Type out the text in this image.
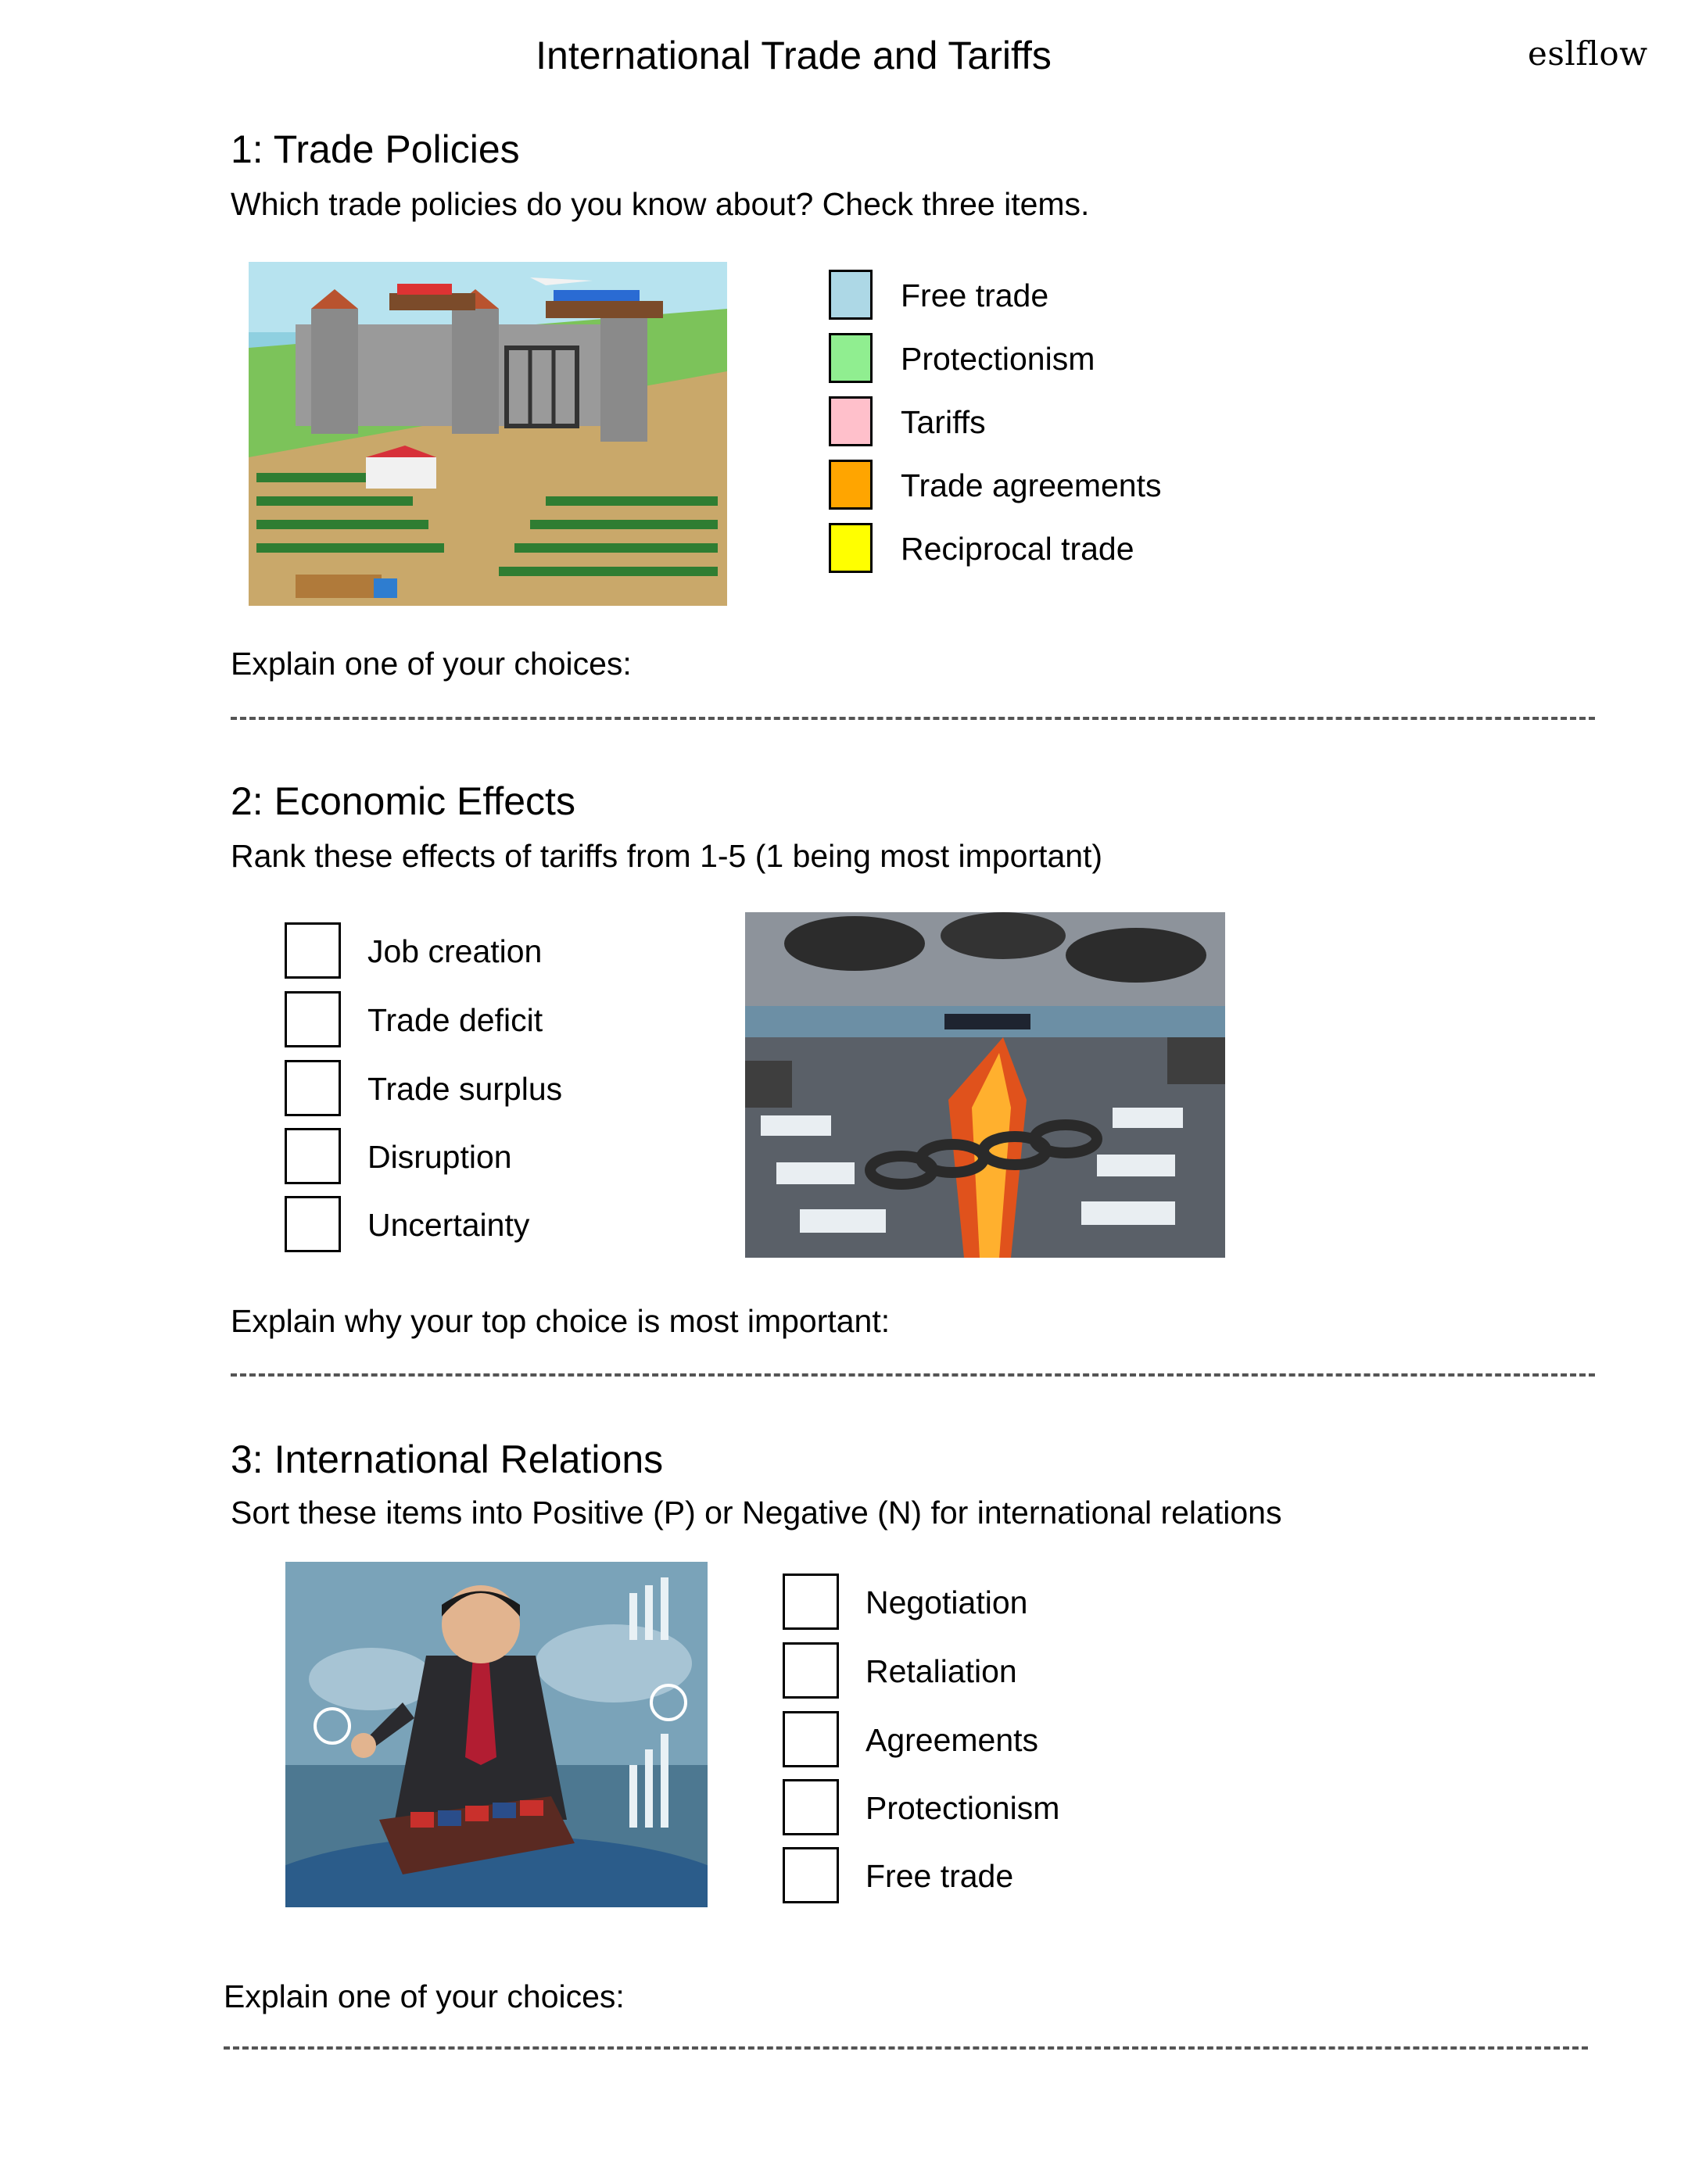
International Trade and Tariffs	eslflow
1: Trade Policies
Which trade policies do you know about? Check three items.
Free trade
Protectionism
Tariffs
Trade agreements
Reciprocal trade
Explain one of your choices:
2: Economic Effects
Rank these effects of tariffs from 1-5 (1 being most important)
Job creation
Trade deficit
Trade surplus
Disruption
Uncertainty
Explain why your top choice is most important:
3: International Relations
Sort these items into Positive (P) or Negative (N) for international relations
Negotiation
Retaliation
Agreements
Protectionism
Free trade
Explain one of your choices:
